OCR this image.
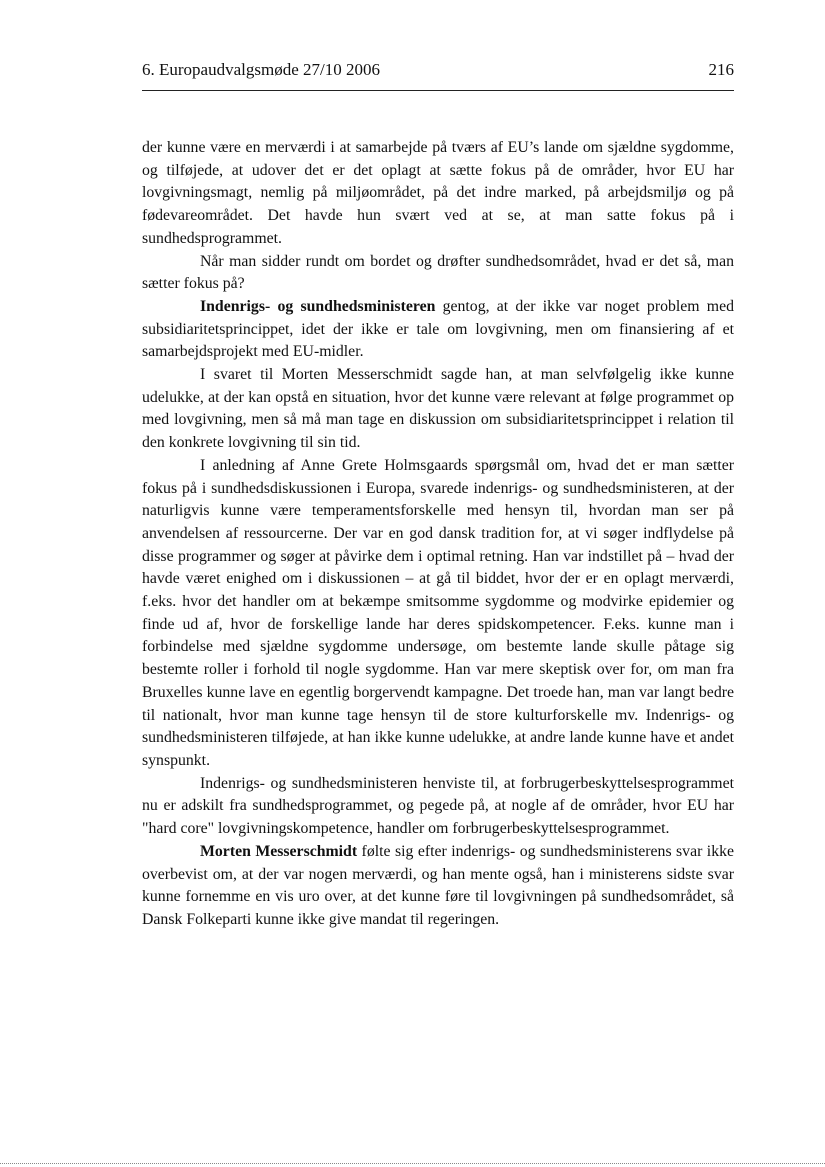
6. Europaudvalgsmøde 27/10 2006	216

der kunne være en merværdi i at samarbejde på tværs af EU’s lande om sjældne sygdomme, og tilføjede, at udover det er det oplagt at sætte fokus på de områder, hvor EU har lovgivningsmagt, nemlig på miljøområdet, på det indre marked, på arbejdsmiljø og på fødevareområdet. Det havde hun svært ved at se, at man satte fokus på i sundhedsprogrammet.

Når man sidder rundt om bordet og drøfter sundhedsområdet, hvad er det så, man sætter fokus på?

Indenrigs- og sundhedsministeren gentog, at der ikke var noget problem med subsidiaritetsprincippet, idet der ikke er tale om lovgivning, men om finansiering af et samarbejdsprojekt med EU-midler.

I svaret til Morten Messerschmidt sagde han, at man selvfølgelig ikke kunne udelukke, at der kan opstå en situation, hvor det kunne være relevant at følge programmet op med lovgivning, men så må man tage en diskussion om subsidiaritetsprincippet i relation til den konkrete lovgivning til sin tid.

I anledning af Anne Grete Holmsgaards spørgsmål om, hvad det er man sætter fokus på i sundhedsdiskussionen i Europa, svarede indenrigs- og sundhedsministeren, at der naturligvis kunne være temperamentsforskelle med hensyn til, hvordan man ser på anvendelsen af ressourcerne. Der var en god dansk tradition for, at vi søger indflydelse på disse programmer og søger at påvirke dem i optimal retning. Han var indstillet på – hvad der havde været enighed om i diskussionen – at gå til biddet, hvor der er en oplagt merværdi, f.eks. hvor det handler om at bekæmpe smitsomme sygdomme og modvirke epidemier og finde ud af, hvor de forskellige lande har deres spidskompetencer. F.eks. kunne man i forbindelse med sjældne sygdomme undersøge, om bestemte lande skulle påtage sig bestemte roller i forhold til nogle sygdomme. Han var mere skeptisk over for, om man fra Bruxelles kunne lave en egentlig borgervendt kampagne. Det troede han, man var langt bedre til nationalt, hvor man kunne tage hensyn til de store kulturforskelle mv. Indenrigs- og sundhedsministeren tilføjede, at han ikke kunne udelukke, at andre lande kunne have et andet synspunkt.

Indenrigs- og sundhedsministeren henviste til, at forbrugerbeskyttelsesprogrammet nu er adskilt fra sundhedsprogrammet, og pegede på, at nogle af de områder, hvor EU har "hard core" lovgivningskompetence, handler om forbrugerbeskyttelsesprogrammet.

Morten Messerschmidt følte sig efter indenrigs- og sundhedsministerens svar ikke overbevist om, at der var nogen merværdi, og han mente også, han i ministerens sidste svar kunne fornemme en vis uro over, at det kunne føre til lovgivningen på sundhedsområdet, så Dansk Folkeparti kunne ikke give mandat til regeringen.
